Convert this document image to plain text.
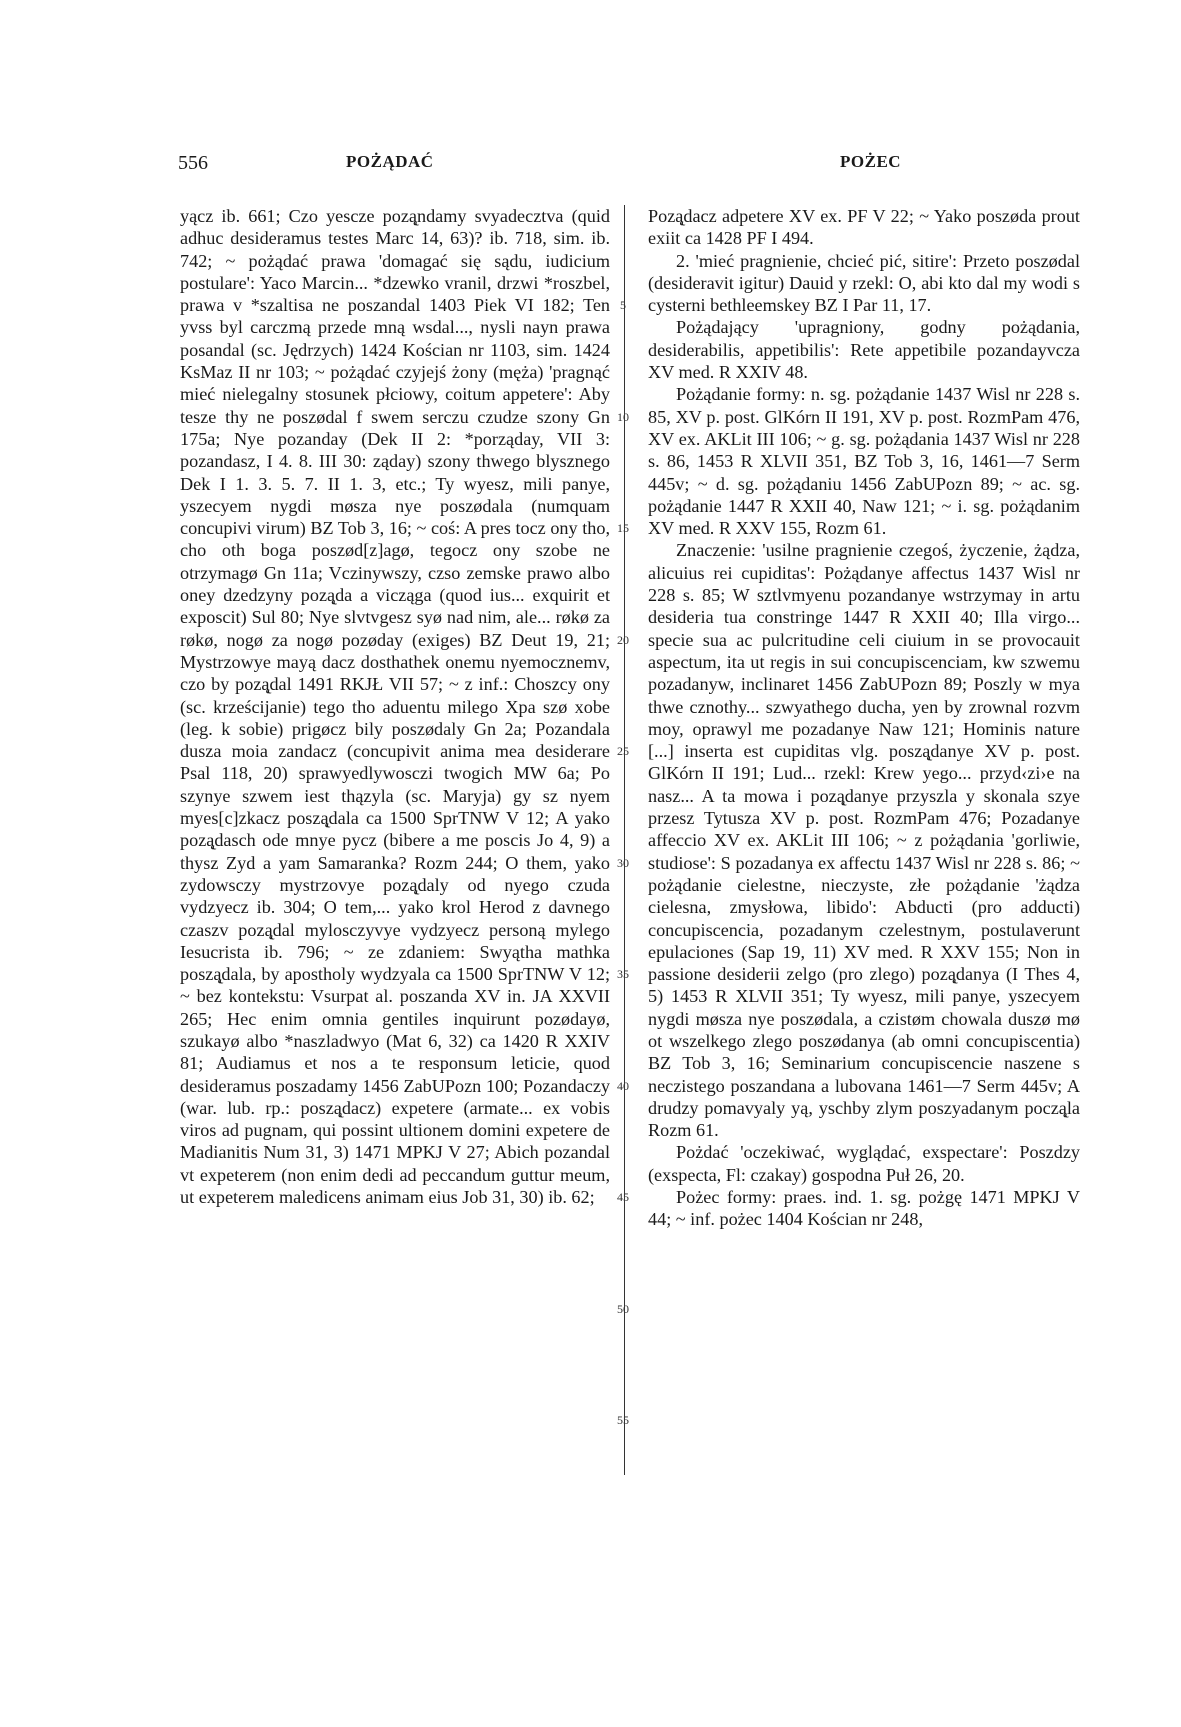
556	POŻĄDAĆ	POŻEC

yącz ib. 661; Czo yescze pozą̨ndamy svyadecztva (quid adhuc desideramus testes Marc 14, 63)? ib. 718, sim. ib. 742; ~ pożądać prawa 'domagać się sądu, iudicium postulare': Yaco Marcin... *dzewko vranil, drzwi *roszbel, prawa v *szaltisa ne poszandal 1403 Piek VI 182; Ten yvss byl carczmą przede mną wsdal..., nysli nayn prawa posandal (sc. Jędrzych) 1424 Kościan nr 1103, sim. 1424 KsMaz II nr 103; ~ pożądać czyjejś żony (męża) 'pragnąć mieć nielegalny stosunek płciowy, coitum appetere': Aby tesze thy ne poszødal f swem serczu czudze szony Gn 175a; Nye pozanday (Dek II 2: *porząday, VII 3: pozandasz, I 4. 8. III 30: ząday) szony thwego blysznego Dek I 1. 3. 5. 7. II 1. 3, etc.; Ty wyesz, mili panye, yszecyem nygdi møsza nye poszødala (numquam concupivi virum) BZ Tob 3, 16; ~ coś: A pres tocz ony tho, cho oth boga poszød[z]agø, tegocz ony szobe ne otrzymagø Gn 11a; Vczinywszy, czso zemske prawo albo oney dzedzyny pozą̨da a vicząga (quod ius... exquirit et exposcit) Sul 80; Nye slvtvgesz syø nad nim, ale... røkø za røkø, nogø za nogø pozødaу (exiges) BZ Deut 19, 21; Mystrzowye mayą dacz dosthathek onemu nyemocznemv, czo by pozą̨dal 1491 RKJŁ VII 57; ~ z inf.: Choszcy ony (sc. krześcijanie) tego tho aduentu milego Xpa szø xobe (leg. k sobie) prigøcz bily poszødaly Gn 2a; Pozandala dusza moia zandacz (concupivit anima mea desiderare Psal 118, 20) sprawyedlywosczi twogich MW 6a; Po szynye szwem iest thązyla (sc. Maryja) gy sz nyem myes[c]zkacz poszą̨dala ca 1500 SprTNW V 12; A yako pozą̨dasch ode mnye pycz (bibere a me poscis Jo 4, 9) a thysz Zyd a yam Samaranka? Rozm 244; O them, yako zydowsczy mystrzovye pozą̨daly od nyego czuda vydzyecz ib. 304; O tem,... yako krol Herod z davnego czaszv pozą̨dal mylosczyvye vydzyecz personą mylego Iesucrista ib. 796; ~ ze zdaniem: Swyątha mathka poszą̨dala, by apostholy wydzyala ca 1500 SprTNW V 12; ~ bez kontekstu: Vsurpat al. poszanda XV in. JA XXVII 265; Hec enim omnia gentiles inquirunt pozødayø, szukayø albo *naszladwyo (Mat 6, 32) ca 1420 R XXIV 81; Audiamus et nos a te responsum leticie, quod desideramus poszadamy 1456 ZabUPozn 100; Pozandaczy (war. lub. rp.: poszą̨dacz) expetere (armate... ex vobis viros ad pugnam, qui possint ultionem domini expetere de Madianitis Num 31, 3) 1471 MPKJ V 27; Abich pozandal vt expeterem (non enim dedi ad peccandum guttur meum, ut expeterem maledicens animam eius Job 31, 30) ib. 62;

5
10
15
20
25
30
35
40
45
50
55

Pozą̨dacz adpetere XV ex. PF V 22; ~ Yako poszøda prout exiit ca 1428 PF I 494.

2. 'mieć pragnienie, chcieć pić, sitire': Przeto poszødal (desideravit igitur) Dauid y rzekl: O, abi kto dal my wodi s cysterni bethleemskey BZ I Par 11, 17.

Pożądający 'upragniony, godny pożądania, desiderabilis, appetibilis': Rete appetibile pozandayvcza XV med. R XXIV 48.

Pożądanie formy: n. sg. pożądanie 1437 Wisl nr 228 s. 85, XV p. post. GlKórn II 191, XV p. post. RozmPam 476, XV ex. AKLit III 106; ~ g. sg. pożądania 1437 Wisl nr 228 s. 86, 1453 R XLVII 351, BZ Tob 3, 16, 1461—7 Serm 445v; ~ d. sg. pożądaniu 1456 ZabUPozn 89; ~ ac. sg. pożądanie 1447 R XXII 40, Naw 121; ~ i. sg. pożądanim XV med. R XXV 155, Rozm 61.

Znaczenie: 'usilne pragnienie czegoś, życzenie, żądza, alicuius rei cupiditas': Pożądanye affectus 1437 Wisl nr 228 s. 85; W sztlvmyenu pozandanye wstrzymay in artu desideria tua constringe 1447 R XXII 40; Illa virgo... specie sua ac pulcritudine celi ciuium in se provocauit aspectum, ita ut regis in sui concupiscenciam, kw szwemu pozadanyw, inclinaret 1456 ZabUPozn 89; Poszly w mya thwe cznothy... szwyathego ducha, yen by zrownal rozvm moy, oprawyl me pozadanye Naw 121; Hominis nature [...] inserta est cupiditas vlg. poszą̨danye XV p. post. GlKórn II 191; Lud... rzekl: Krew yego... przyd‹zi›e na nasz... A ta mowa i pozą̨danye przyszla y skonala szye przesz Tytusza XV p. post. RozmPam 476; Pozadanye affeccio XV ex. AKLit III 106; ~ z pożądania 'gorliwie, studiose': S pozadanya ex affectu 1437 Wisl nr 228 s. 86; ~ pożądanie cielestne, nieczyste, złe pożądanie 'żądza cielesna, zmysłowa, libido': Abducti (pro adducti) concupiscencia, pozadanym czelestnym, postulaverunt epulaciones (Sap 19, 11) XV med. R XXV 155; Non in passione desiderii zelgo (pro zlego) pozą̨danya (I Thes 4, 5) 1453 R XLVII 351; Ty wyesz, mili panye, yszecyem nygdi møsza nye poszødala, a czistøm chowala duszø mø ot wszelkego zlego poszødanya (ab omni concupiscentia) BZ Tob 3, 16; Seminarium concupiscencie naszene s neczistego poszandana a lubovana 1461—7 Serm 445v; A drudzy pomavyaly yą, yschby zlym poszyadanym począ̨la Rozm 61.

Pożdać 'oczekiwać, wyglądać, exspectare': Poszdzy (exspecta, Fl: czakay) gospodna Puł 26, 20.

Pożec formy: praes. ind. 1. sg. pożgę 1471 MPKJ V 44; ~ inf. pożec 1404 Kościan nr 248,
